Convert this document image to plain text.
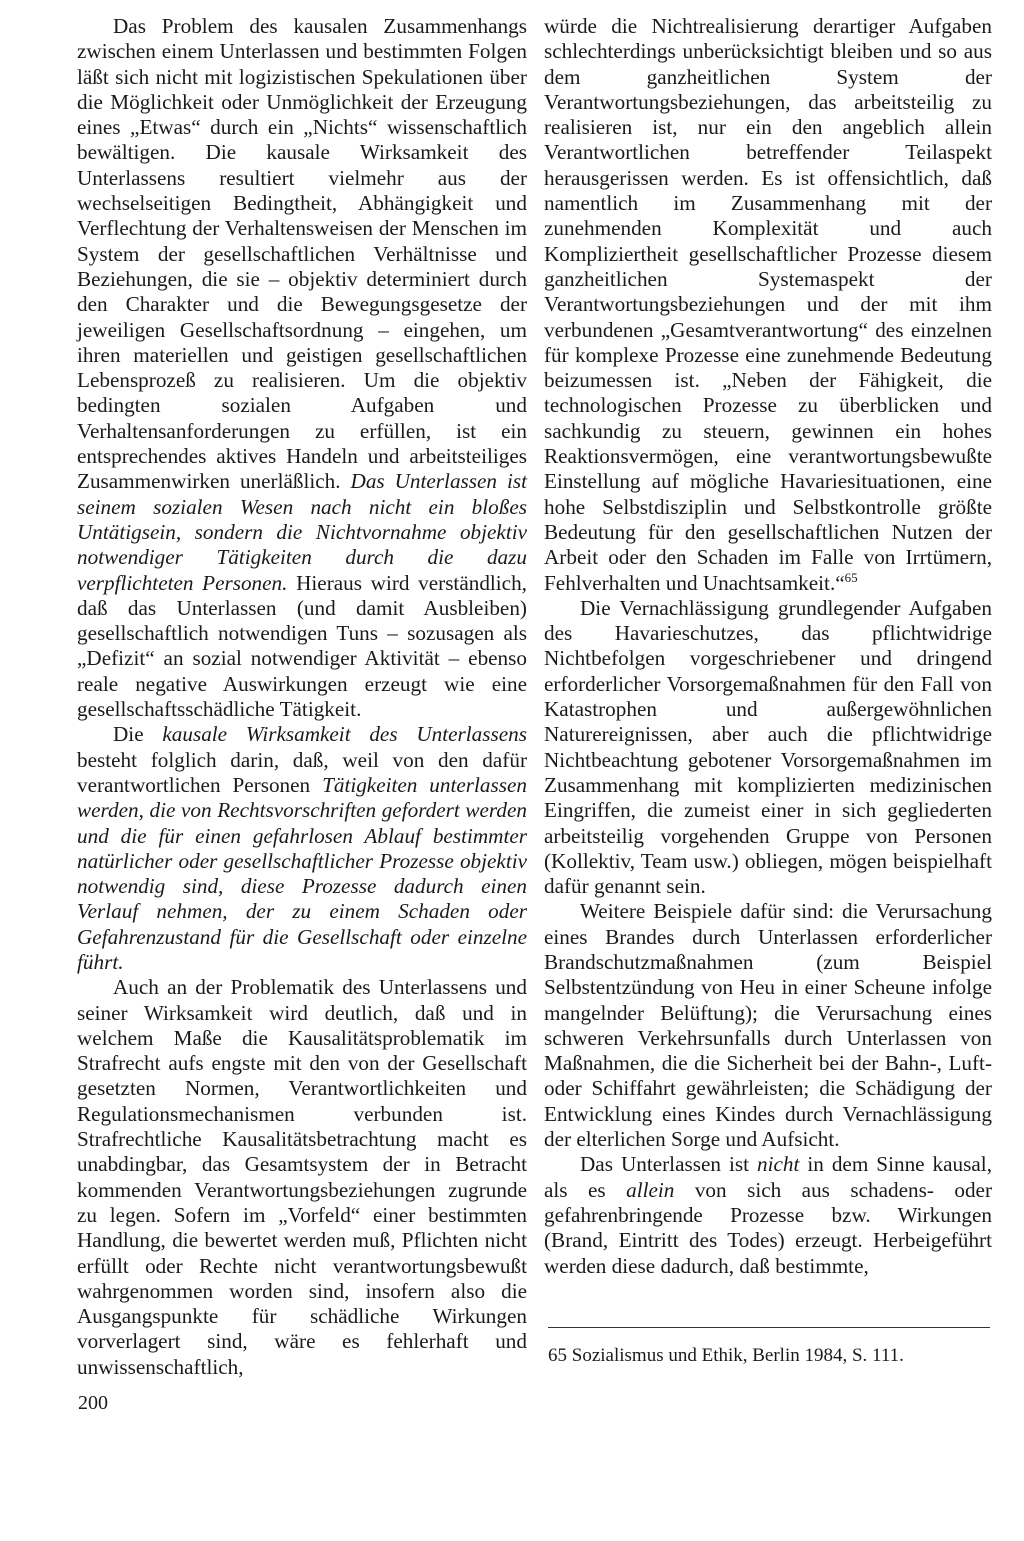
Das Problem des kausalen Zusammenhangs zwischen einem Unterlassen und bestimmten Folgen läßt sich nicht mit logizistischen Spekulationen über die Möglichkeit oder Unmöglichkeit der Erzeugung eines „Etwas“ durch ein „Nichts“ wissenschaftlich bewältigen. Die kausale Wirksamkeit des Unterlassens resultiert vielmehr aus der wechselseitigen Bedingtheit, Abhängigkeit und Verflechtung der Verhaltensweisen der Menschen im System der gesellschaftlichen Verhältnisse und Beziehungen, die sie – objektiv determiniert durch den Charakter und die Bewegungsgesetze der jeweiligen Gesellschaftsordnung – eingehen, um ihren materiellen und geistigen gesellschaftlichen Lebensprozeß zu realisieren. Um die objektiv bedingten sozialen Aufgaben und Verhaltensanforderungen zu erfüllen, ist ein entsprechendes aktives Handeln und arbeitsteiliges Zusammenwirken unerläßlich. Das Unterlassen ist seinem sozialen Wesen nach nicht ein bloßes Untätigsein, sondern die Nichtvornahme objektiv notwendiger Tätigkeiten durch die dazu verpflichteten Personen. Hieraus wird verständlich, daß das Unterlassen (und damit Ausbleiben) gesellschaftlich notwendigen Tuns – sozusagen als „Defizit“ an sozial notwendiger Aktivität – ebenso reale negative Auswirkungen erzeugt wie eine gesellschaftsschädliche Tätigkeit.

Die kausale Wirksamkeit des Unterlassens besteht folglich darin, daß, weil von den dafür verantwortlichen Personen Tätigkeiten unterlassen werden, die von Rechtsvorschriften gefordert werden und die für einen gefahrlosen Ablauf bestimmter natürlicher oder gesellschaftlicher Prozesse objektiv notwendig sind, diese Prozesse dadurch einen Verlauf nehmen, der zu einem Schaden oder Gefahrenzustand für die Gesellschaft oder einzelne führt.

Auch an der Problematik des Unterlassens und seiner Wirksamkeit wird deutlich, daß und in welchem Maße die Kausalitätsproblematik im Strafrecht aufs engste mit den von der Gesellschaft gesetzten Normen, Verantwortlichkeiten und Regulationsmechanismen verbunden ist. Strafrechtliche Kausalitätsbetrachtung macht es unabdingbar, das Gesamtsystem der in Betracht kommenden Verantwortungsbeziehungen zugrunde zu legen. Sofern im „Vorfeld“ einer bestimmten Handlung, die bewertet werden muß, Pflichten nicht erfüllt oder Rechte nicht verantwortungsbewußt wahrgenommen worden sind, insofern also die Ausgangspunkte für schädliche Wirkungen vorverlagert sind, wäre es fehlerhaft und unwissenschaftlich,

würde die Nichtrealisierung derartiger Aufgaben schlechterdings unberücksichtigt bleiben und so aus dem ganzheitlichen System der Verantwortungsbeziehungen, das arbeitsteilig zu realisieren ist, nur ein den angeblich allein Verantwortlichen betreffender Teilaspekt herausgerissen werden. Es ist offensichtlich, daß namentlich im Zusammenhang mit der zunehmenden Komplexität und auch Kompliziertheit gesellschaftlicher Prozesse diesem ganzheitlichen Systemaspekt der Verantwortungsbeziehungen und der mit ihm verbundenen „Gesamtverantwortung“ des einzelnen für komplexe Prozesse eine zunehmende Bedeutung beizumessen ist. „Neben der Fähigkeit, die technologischen Prozesse zu überblicken und sachkundig zu steuern, gewinnen ein hohes Reaktionsvermögen, eine verantwortungsbewußte Einstellung auf mögliche Havariesituationen, eine hohe Selbstdisziplin und Selbstkontrolle größte Bedeutung für den gesellschaftlichen Nutzen der Arbeit oder den Schaden im Falle von Irrtümern, Fehlverhalten und Unachtsamkeit.“$^{65}$

Die Vernachlässigung grundlegender Aufgaben des Havarieschutzes, das pflichtwidrige Nichtbefolgen vorgeschriebener und dringend erforderlicher Vorsorgemaßnahmen für den Fall von Katastrophen und außergewöhnlichen Naturereignissen, aber auch die pflichtwidrige Nichtbeachtung gebotener Vorsorgemaßnahmen im Zusammenhang mit komplizierten medizinischen Eingriffen, die zumeist einer in sich gegliederten arbeitsteilig vorgehenden Gruppe von Personen (Kollektiv, Team usw.) obliegen, mögen beispielhaft dafür genannt sein.

Weitere Beispiele dafür sind: die Verursachung eines Brandes durch Unterlassen erforderlicher Brandschutzmaßnahmen (zum Beispiel Selbstentzündung von Heu in einer Scheune infolge mangelnder Belüftung); die Verursachung eines schweren Verkehrsunfalls durch Unterlassen von Maßnahmen, die die Sicherheit bei der Bahn-, Luft- oder Schiffahrt gewährleisten; die Schädigung der Entwicklung eines Kindes durch Vernachlässigung der elterlichen Sorge und Aufsicht.

Das Unterlassen ist nicht in dem Sinne kausal, als es allein von sich aus schadens- oder gefahrenbringende Prozesse bzw. Wirkungen (Brand, Eintritt des Todes) erzeugt. Herbeigeführt werden diese dadurch, daß bestimmte,

65 Sozialismus und Ethik, Berlin 1984, S. 111.

200
